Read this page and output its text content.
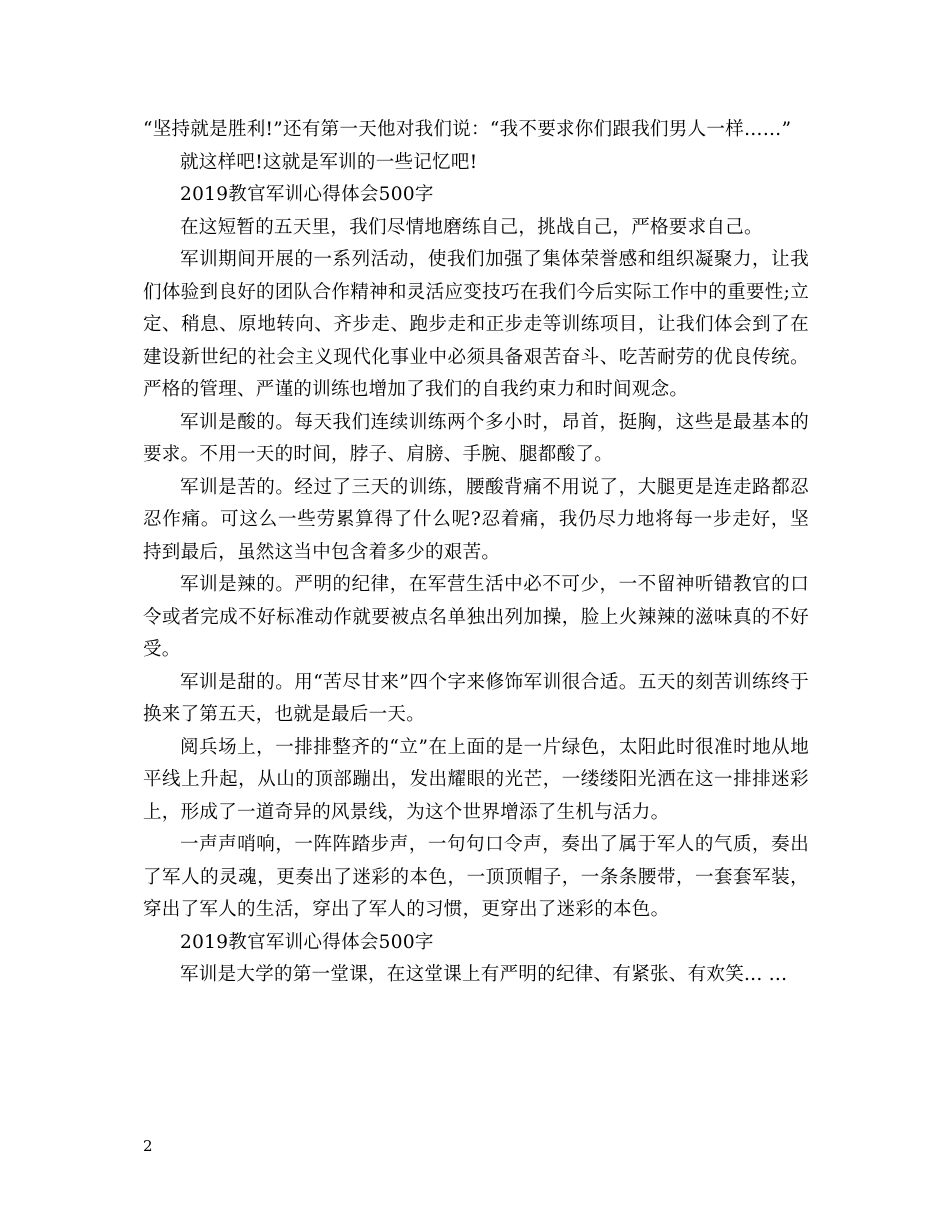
“坚持就是胜利!”还有第一天他对我们说：“我不要求你们跟我们男人一样……”

就这样吧!这就是军训的一些记忆吧!

2019教官军训心得体会500字

在这短暂的五天里，我们尽情地磨练自己，挑战自己，严格要求自己。

军训期间开展的一系列活动，使我们加强了集体荣誉感和组织凝聚力，让我们体验到良好的团队合作精神和灵活应变技巧在我们今后实际工作中的重要性;立定、稍息、原地转向、齐步走、跑步走和正步走等训练项目，让我们体会到了在建设新世纪的社会主义现代化事业中必须具备艰苦奋斗、吃苦耐劳的优良传统。严格的管理、严谨的训练也增加了我们的自我约束力和时间观念。

军训是酸的。每天我们连续训练两个多小时，昂首，挺胸，这些是最基本的要求。不用一天的时间，脖子、肩膀、手腕、腿都酸了。

军训是苦的。经过了三天的训练，腰酸背痛不用说了，大腿更是连走路都忍忍作痛。可这么一些劳累算得了什么呢?忍着痛，我仍尽力地将每一步走好，坚持到最后，虽然这当中包含着多少的艰苦。

军训是辣的。严明的纪律，在军营生活中必不可少，一不留神听错教官的口令或者完成不好标准动作就要被点名单独出列加操，脸上火辣辣的滋味真的不好受。

军训是甜的。用“苦尽甘来”四个字来修饰军训很合适。五天的刻苦训练终于换来了第五天，也就是最后一天。

阅兵场上，一排排整齐的“立”在上面的是一片绿色，太阳此时很准时地从地平线上升起，从山的顶部蹦出，发出耀眼的光芒，一缕缕阳光洒在这一排排迷彩上，形成了一道奇异的风景线，为这个世界增添了生机与活力。

一声声哨响，一阵阵踏步声，一句句口令声，奏出了属于军人的气质，奏出了军人的灵魂，更奏出了迷彩的本色，一顶顶帽子，一条条腰带，一套套军装，穿出了军人的生活，穿出了军人的习惯，更穿出了迷彩的本色。

2019教官军训心得体会500字

军训是大学的第一堂课，在这堂课上有严明的纪律、有紧张、有欢笑... ...

2
